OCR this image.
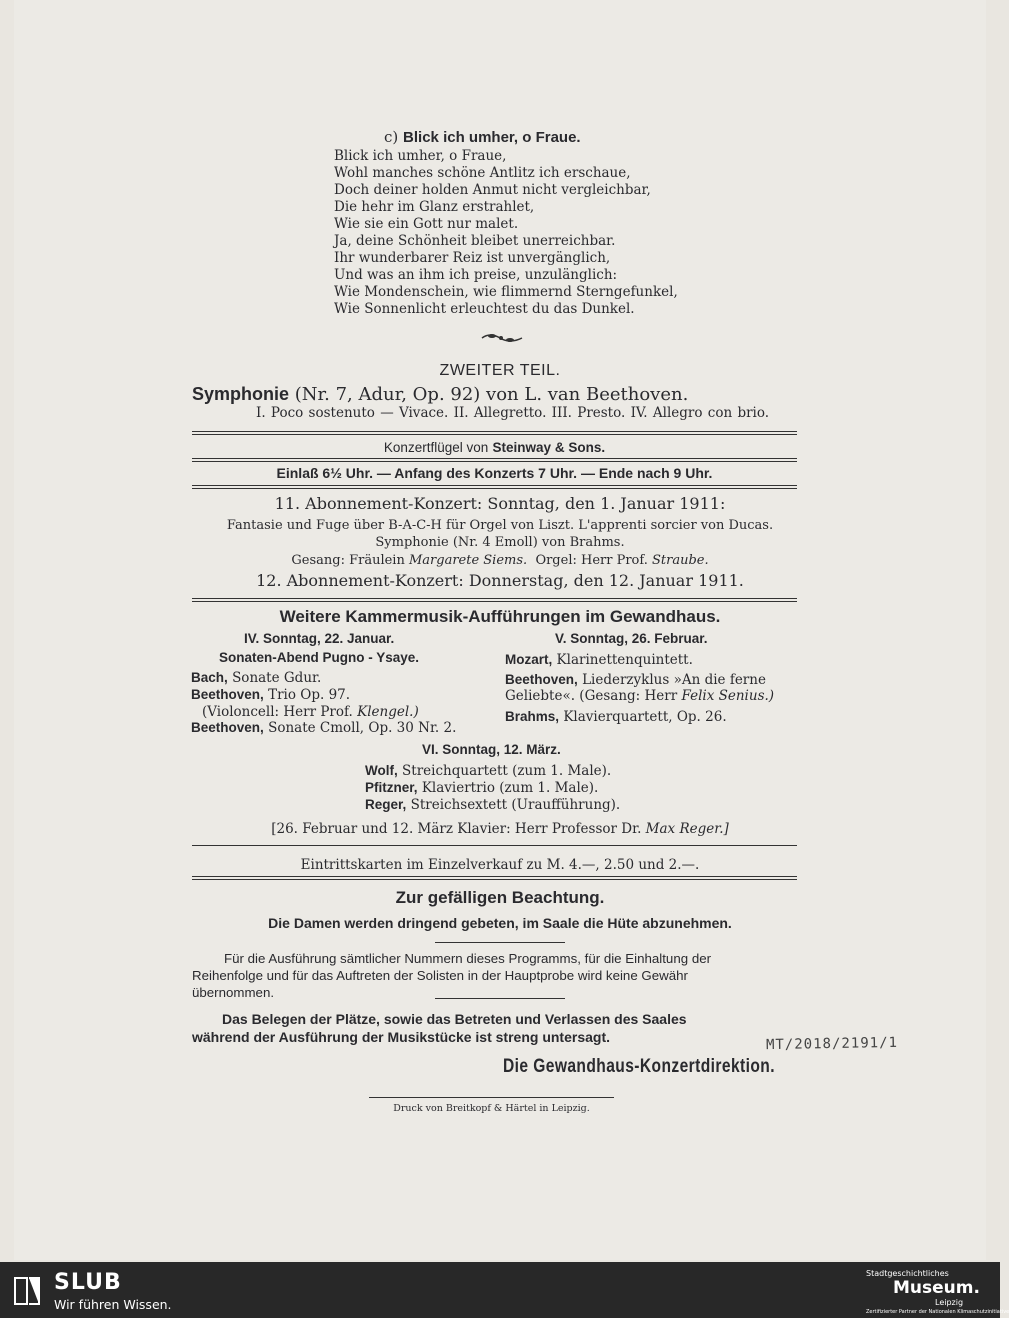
c) Blick ich umher, o Fraue.
Blick ich umher, o Fraue,
Wohl manches schöne Antlitz ich erschaue,
Doch deiner holden Anmut nicht vergleichbar,
Die hehr im Glanz erstrahlet,
Wie sie ein Gott nur malet.
Ja, deine Schönheit bleibet unerreichbar.
Ihr wunderbarer Reiz ist unvergänglich,
Und was an ihm ich preise, unzulänglich:
Wie Mondenschein, wie flimmernd Sterngefunkel,
Wie Sonnenlicht erleuchtest du das Dunkel.
ZWEITER TEIL.
Symphonie (Nr. 7, Adur, Op. 92) von L. van Beethoven.
I. Poco sostenuto — Vivace. II. Allegretto. III. Presto. IV. Allegro con brio.
Konzertflügel von Steinway & Sons.
Einlaß 6½ Uhr. — Anfang des Konzerts 7 Uhr. — Ende nach 9 Uhr.
11. Abonnement-Konzert: Sonntag, den 1. Januar 1911:
Fantasie und Fuge über B-A-C-H für Orgel von Liszt. L'apprenti sorcier von Ducas.
Symphonie (Nr. 4 Emoll) von Brahms.
Gesang: Fräulein Margarete Siems. Orgel: Herr Prof. Straube.
12. Abonnement-Konzert: Donnerstag, den 12. Januar 1911.
Weitere Kammermusik-Aufführungen im Gewandhaus.
IV. Sonntag, 22. Januar.
Sonaten-Abend Pugno - Ysaye.
Bach, Sonate Gdur.
Beethoven, Trio Op. 97.
(Violoncell: Herr Prof. Klengel.)
Beethoven, Sonate Cmoll, Op. 30 Nr. 2.
V. Sonntag, 26. Februar.
Mozart, Klarinettenquintett.
Beethoven, Liederzyklus »An die ferne
Geliebte«. (Gesang: Herr Felix Senius.)
Brahms, Klavierquartett, Op. 26.
VI. Sonntag, 12. März.
Wolf, Streichquartett (zum 1. Male).
Pfitzner, Klaviertrio (zum 1. Male).
Reger, Streichsextett (Uraufführung).
[26. Februar und 12. März Klavier: Herr Professor Dr. Max Reger.]
Eintrittskarten im Einzelverkauf zu M. 4.—, 2.50 und 2.—.
Zur gefälligen Beachtung.
Die Damen werden dringend gebeten, im Saale die Hüte abzunehmen.
Für die Ausführung sämtlicher Nummern dieses Programms, für die Einhaltung der
Reihenfolge und für das Auftreten der Solisten in der Hauptprobe wird keine Gewähr
übernommen.
Das Belegen der Plätze, sowie das Betreten und Verlassen des Saales
während der Ausführung der Musikstücke ist streng untersagt.
Die Gewandhaus-Konzertdirektion.
Druck von Breitkopf & Härtel in Leipzig.
MT/2018/2191/1
SLUB
Wir führen Wissen.
Stadtgeschichtliches
Museum.
Leipzig
Zertifizierter Partner der Nationalen Klimaschutzinitiative
